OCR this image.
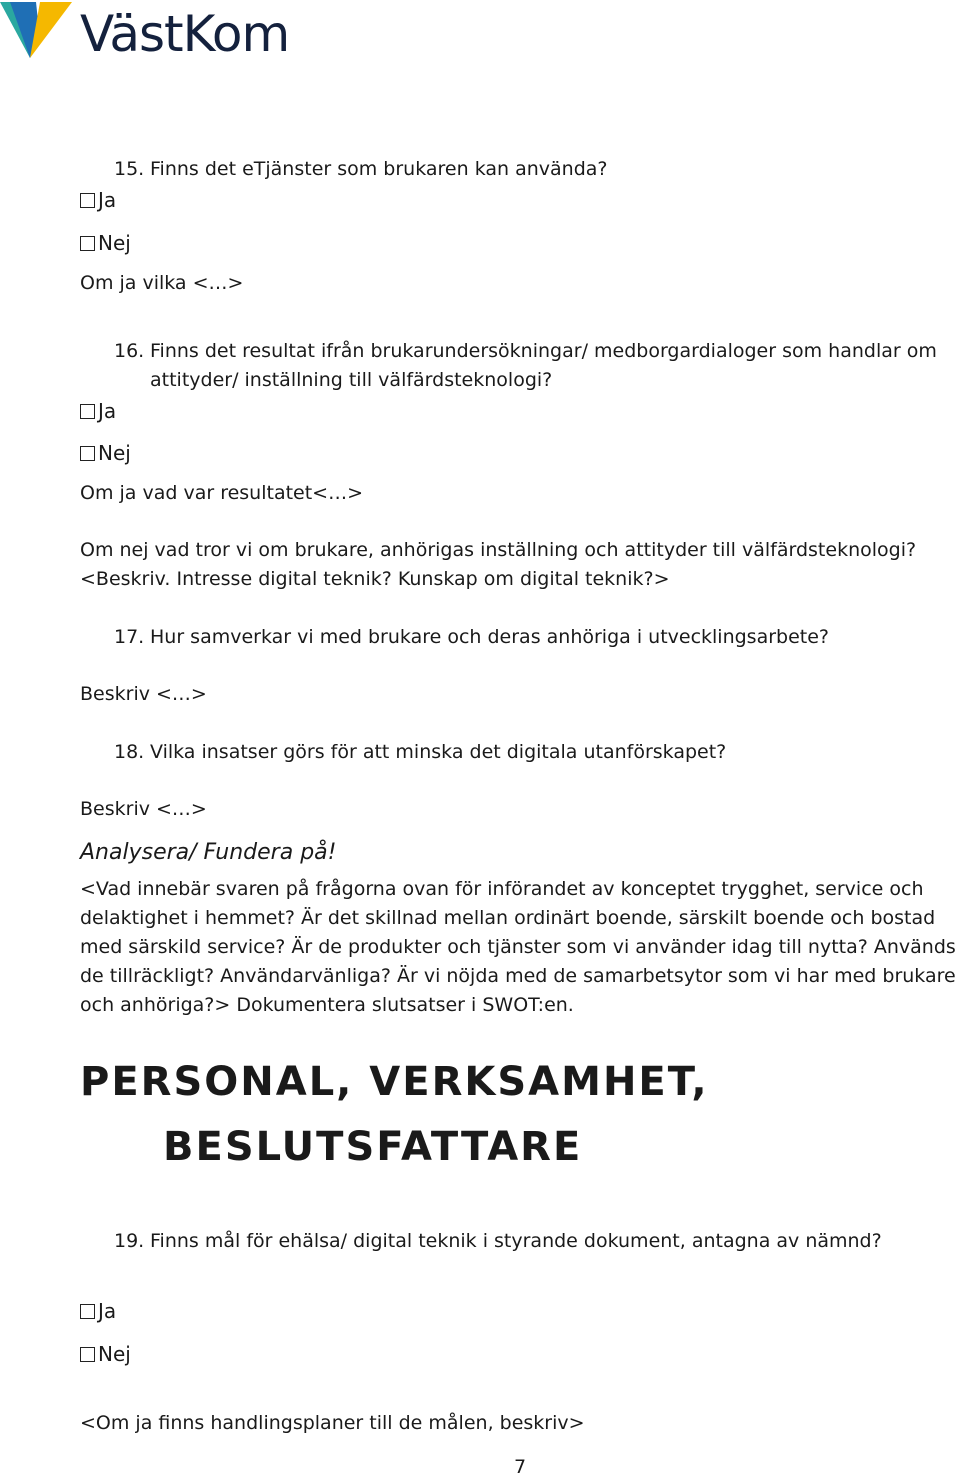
VästKom
15. Finns det eTjänster som brukaren kan använda?
Ja
Nej
Om ja vilka <…>
16. Finns det resultat ifrån brukarundersökningar/ medborgardialoger som handlar om
attityder/ inställning till välfärdsteknologi?
Ja
Nej
Om ja vad var resultatet<…>
Om nej vad tror vi om brukare, anhörigas inställning och attityder till välfärdsteknologi?
<Beskriv. Intresse digital teknik? Kunskap om digital teknik?>
17. Hur samverkar vi med brukare och deras anhöriga i utvecklingsarbete?
Beskriv <…>
18. Vilka insatser görs för att minska det digitala utanförskapet?
Beskriv <…>
Analysera/ Fundera på!
<Vad innebär svaren på frågorna ovan för införandet av konceptet trygghet, service och
delaktighet i hemmet? Är det skillnad mellan ordinärt boende, särskilt boende och bostad
med särskild service? Är de produkter och tjänster som vi använder idag till nytta? Används
de tillräckligt? Användarvänliga? Är vi nöjda med de samarbetsytor som vi har med brukare
och anhöriga?> Dokumentera slutsatser i SWOT:en.
PERSONAL, VERKSAMHET,
BESLUTSFATTARE
19. Finns mål för ehälsa/ digital teknik i styrande dokument, antagna av nämnd?
Ja
Nej
<Om ja finns handlingsplaner till de målen, beskriv>
7
